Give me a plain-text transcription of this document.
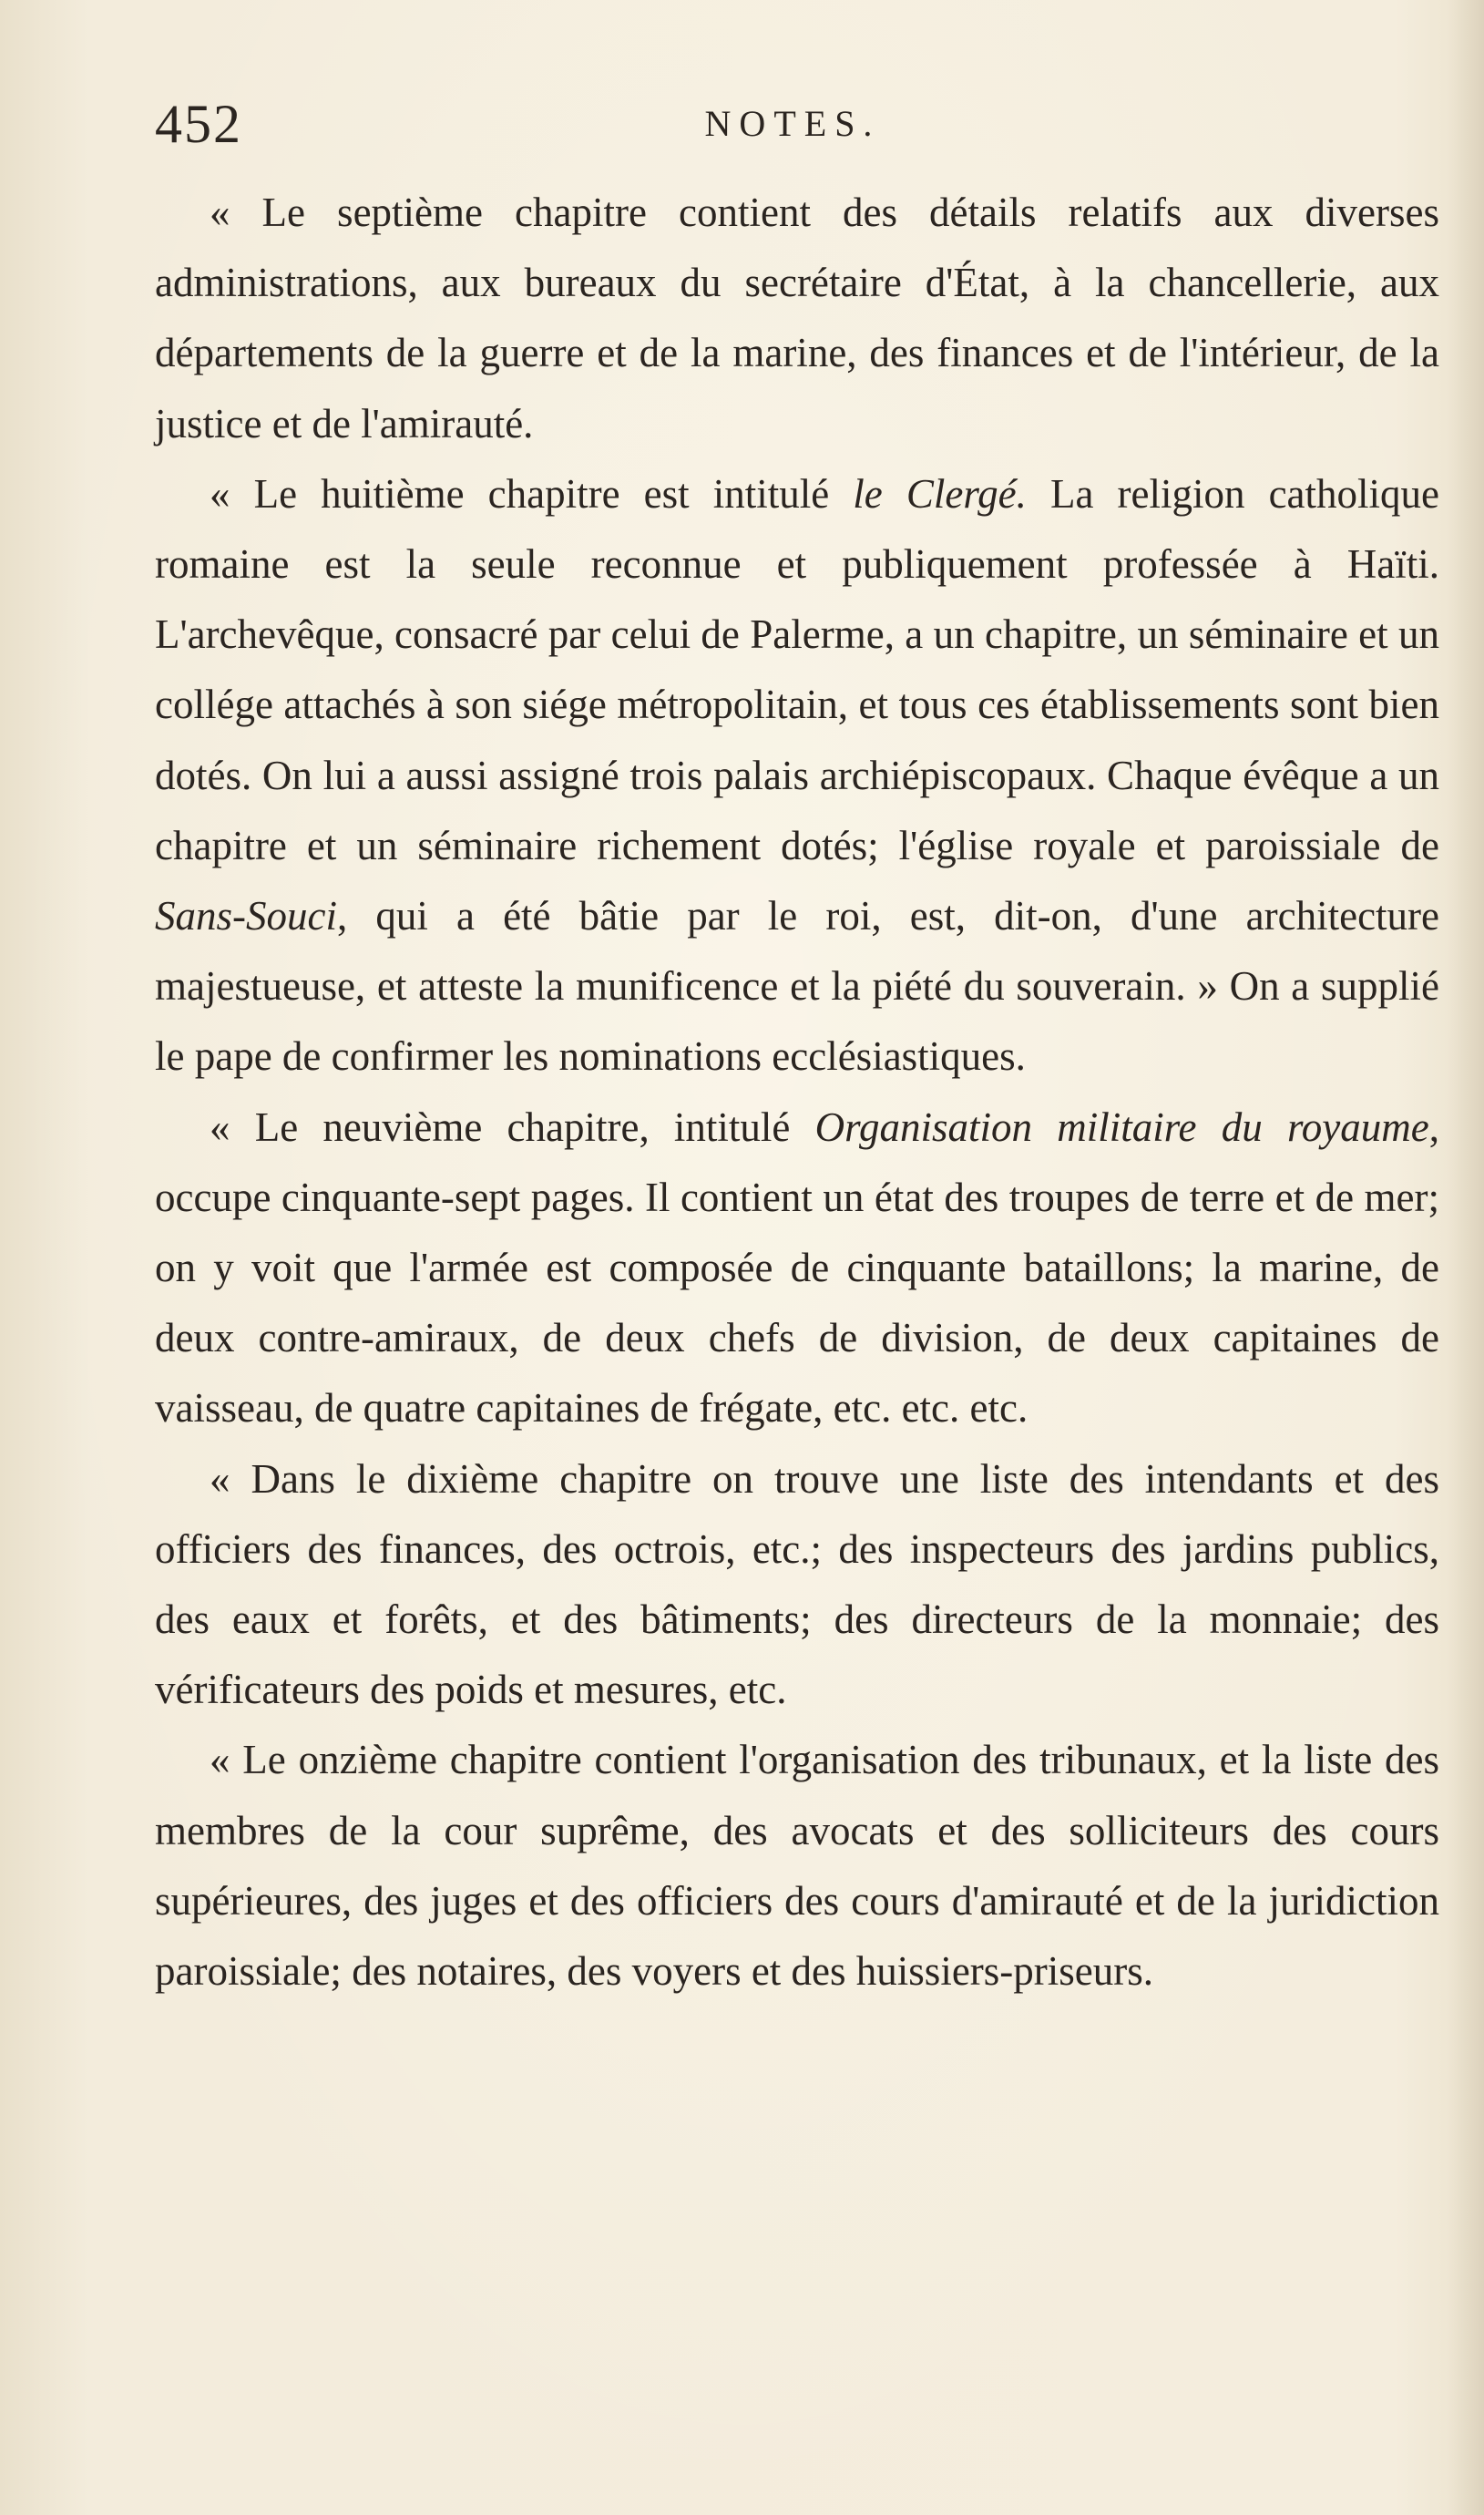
452	NOTES.

« Le septième chapitre contient des détails relatifs aux diverses administrations, aux bureaux du secrétaire d'État, à la chancellerie, aux départements de la guerre et de la marine, des finances et de l'intérieur, de la justice et de l'amirauté.

« Le huitième chapitre est intitulé le Clergé. La religion catholique romaine est la seule reconnue et publiquement professée à Haïti. L'archevêque, consacré par celui de Palerme, a un chapitre, un séminaire et un collége attachés à son siége métropolitain, et tous ces établissements sont bien dotés. On lui a aussi assigné trois palais archiépiscopaux. Chaque évêque a un chapitre et un séminaire richement dotés; l'église royale et paroissiale de Sans-Souci, qui a été bâtie par le roi, est, dit-on, d'une architecture majestueuse, et atteste la munificence et la piété du souverain. » On a supplié le pape de confirmer les nominations ecclésiastiques.

« Le neuvième chapitre, intitulé Organisation militaire du royaume, occupe cinquante-sept pages. Il contient un état des troupes de terre et de mer; on y voit que l'armée est composée de cinquante bataillons; la marine, de deux contre-amiraux, de deux chefs de division, de deux capitaines de vaisseau, de quatre capitaines de frégate, etc. etc. etc.

« Dans le dixième chapitre on trouve une liste des intendants et des officiers des finances, des octrois, etc.; des inspecteurs des jardins publics, des eaux et forêts, et des bâtiments; des directeurs de la monnaie; des vérificateurs des poids et mesures, etc.

« Le onzième chapitre contient l'organisation des tribunaux, et la liste des membres de la cour suprême, des avocats et des solliciteurs des cours supérieures, des juges et des officiers des cours d'amirauté et de la juridiction paroissiale; des notaires, des voyers et des huissiers-priseurs.
